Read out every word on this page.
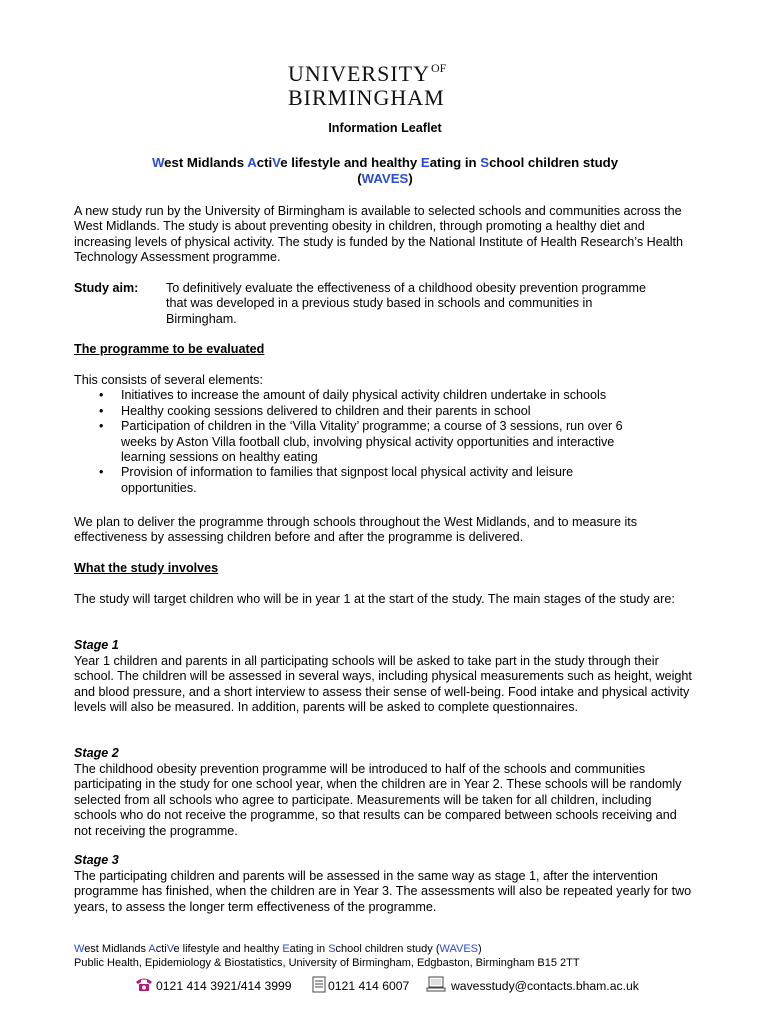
$UNIVERSITY^{OF}$
BIRMINGHAM
Information Leaflet
West Midlands ActiVe lifestyle and healthy Eating in School children study
(WAVES)
A new study run by the University of Birmingham is available to selected schools and communities across the West Midlands. The study is about preventing obesity in children, through promoting a healthy diet and increasing levels of physical activity. The study is funded by the National Institute of Health Research’s Health Technology Assessment programme.
Study aim: To definitively evaluate the effectiveness of a childhood obesity prevention programme that was developed in a previous study based in schools and communities in Birmingham.
The programme to be evaluated

This consists of several elements:

• Initiatives to increase the amount of daily physical activity children undertake in schools
• Healthy cooking sessions delivered to children and their parents in school
• Participation of children in the ‘Villa Vitality’ programme; a course of 3 sessions, run over 6 weeks by Aston Villa football club, involving physical activity opportunities and interactive learning sessions on healthy eating
• Provision of information to families that signpost local physical activity and leisure opportunities.
We plan to deliver the programme through schools throughout the West Midlands, and to measure its effectiveness by assessing children before and after the programme is delivered.
What the study involves
The study will target children who will be in year 1 at the start of the study. The main stages of the study are:
Stage 1
Year 1 children and parents in all participating schools will be asked to take part in the study through their school. The children will be assessed in several ways, including physical measurements such as height, weight and blood pressure, and a short interview to assess their sense of well-being. Food intake and physical activity levels will also be measured. In addition, parents will be asked to complete questionnaires.
Stage 2
The childhood obesity prevention programme will be introduced to half of the schools and communities participating in the study for one school year, when the children are in Year 2. These schools will be randomly selected from all schools who agree to participate. Measurements will be taken for all children, including schools who do not receive the programme, so that results can be compared between schools receiving and not receiving the programme.
Stage 3
The participating children and parents will be assessed in the same way as stage 1, after the intervention programme has finished, when the children are in Year 3. The assessments will also be repeated yearly for two years, to assess the longer term effectiveness of the programme.
West Midlands ActiVe lifestyle and healthy Eating in School children study (WAVES)
Public Health, Epidemiology & Biostatistics, University of Birmingham, Edgbaston, Birmingham B15 2TT
0121 414 3921/414 3999	0121 414 6007	wavesstudy@contacts.bham.ac.uk
